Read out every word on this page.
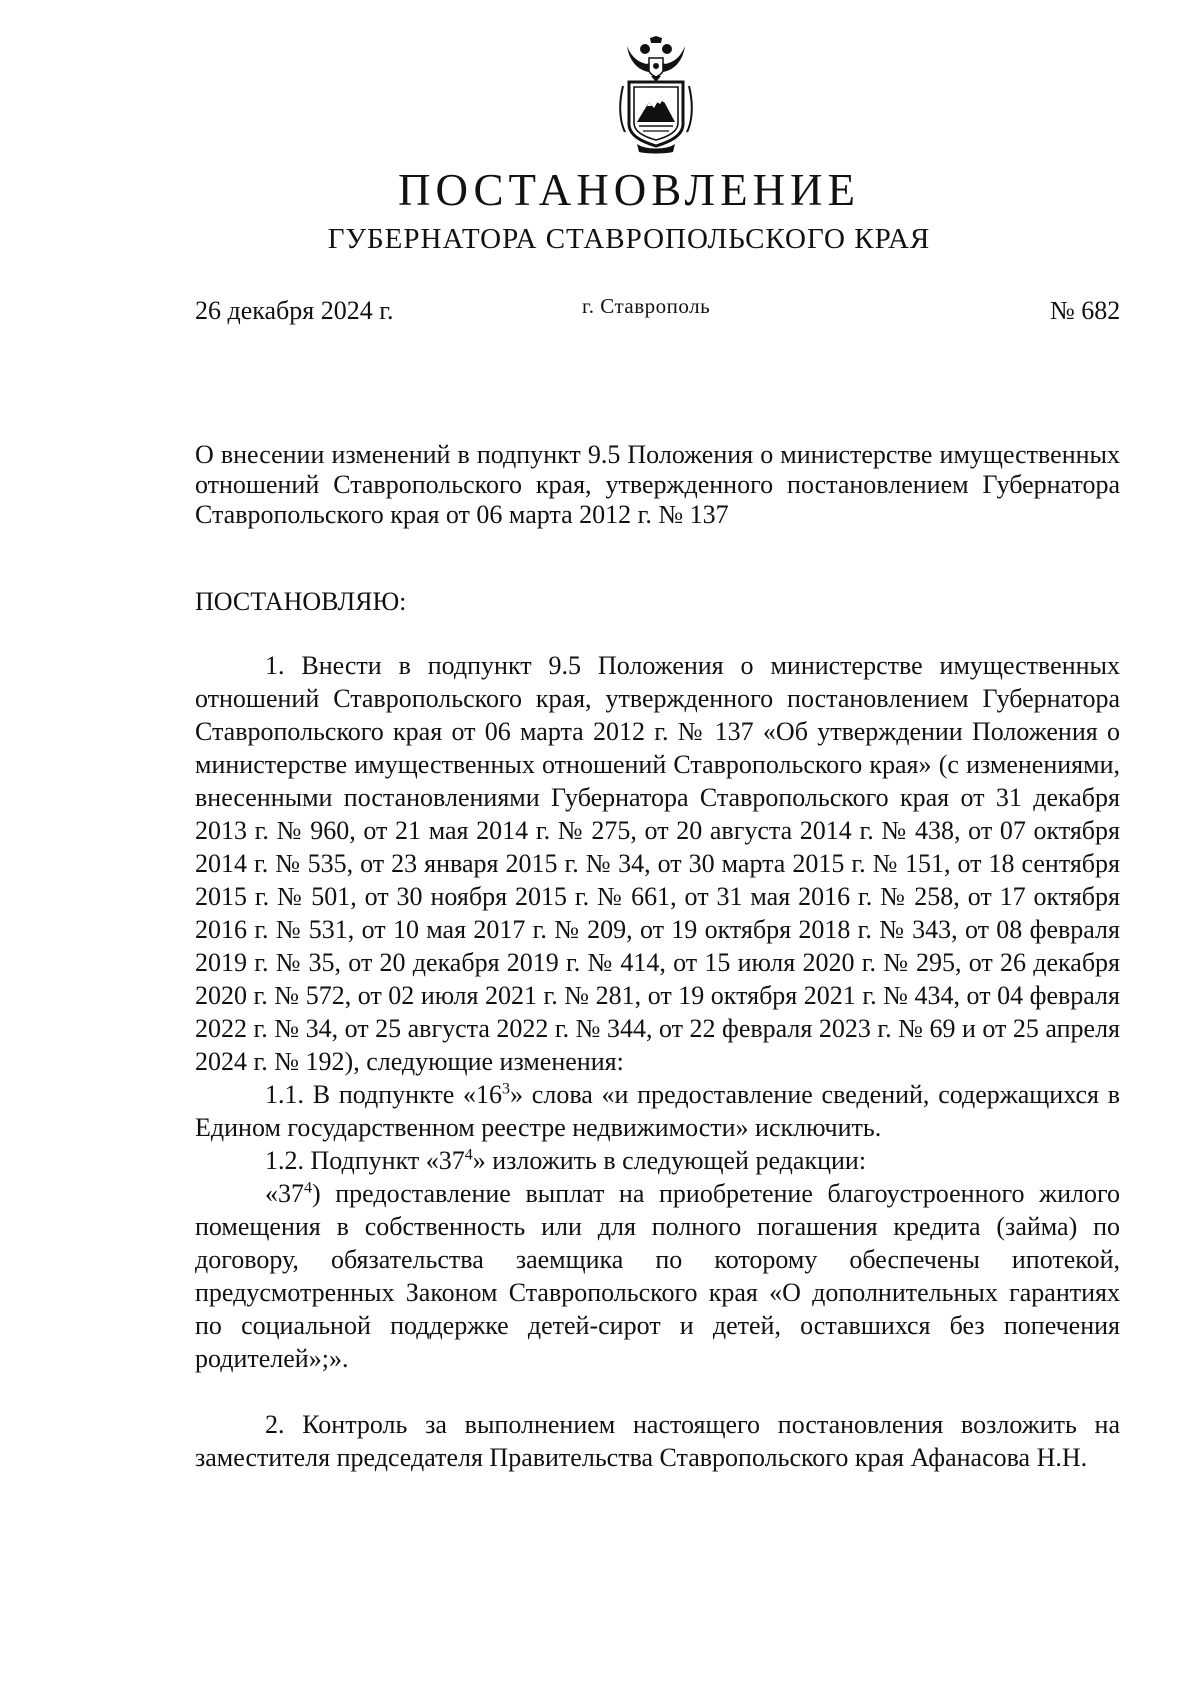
ПОСТАНОВЛЕНИЕ
ГУБЕРНАТОРА СТАВРОПОЛЬСКОГО КРАЯ
26 декабря 2024 г.	г. Ставрополь	№ 682
О внесении изменений в подпункт 9.5 Положения о министерстве имущественных отношений Ставропольского края, утвержденного постановлением Губернатора Ставропольского края от 06 марта 2012 г. № 137
ПОСТАНОВЛЯЮ:

1. Внести в подпункт 9.5 Положения о министерстве имущественных отношений Ставропольского края, утвержденного постановлением Губернатора Ставропольского края от 06 марта 2012 г. № 137 «Об утверждении Положения о министерстве имущественных отношений Ставропольского края» (с изменениями, внесенными постановлениями Губернатора Ставропольского края от 31 декабря 2013 г. № 960, от 21 мая 2014 г. № 275, от 20 августа 2014 г. № 438, от 07 октября 2014 г. № 535, от 23 января 2015 г. № 34, от 30 марта 2015 г. № 151, от 18 сентября 2015 г. № 501, от 30 ноября 2015 г. № 661, от 31 мая 2016 г. № 258, от 17 октября 2016 г. № 531, от 10 мая 2017 г. № 209, от 19 октября 2018 г. № 343, от 08 февраля 2019 г. № 35, от 20 декабря 2019 г. № 414, от 15 июля 2020 г. № 295, от 26 декабря 2020 г. № 572, от 02 июля 2021 г. № 281, от 19 октября 2021 г. № 434, от 04 февраля 2022 г. № 34, от 25 августа 2022 г. № 344, от 22 февраля 2023 г. № 69 и от 25 апреля 2024 г. № 192), следующие изменения:

1.1. В подпункте «$16^3$» слова «и предоставление сведений, содержащихся в Едином государственном реестре недвижимости» исключить.

1.2. Подпункт «$37^4$» изложить в следующей редакции:

«$37^4$) предоставление выплат на приобретение благоустроенного жилого помещения в собственность или для полного погашения кредита (займа) по договору, обязательства заемщика по которому обеспечены ипотекой, предусмотренных Законом Ставропольского края «О дополнительных гарантиях по социальной поддержке детей-сирот и детей, оставшихся без попечения родителей»;».

2. Контроль за выполнением настоящего постановления возложить на заместителя председателя Правительства Ставропольского края Афанасова Н.Н.
